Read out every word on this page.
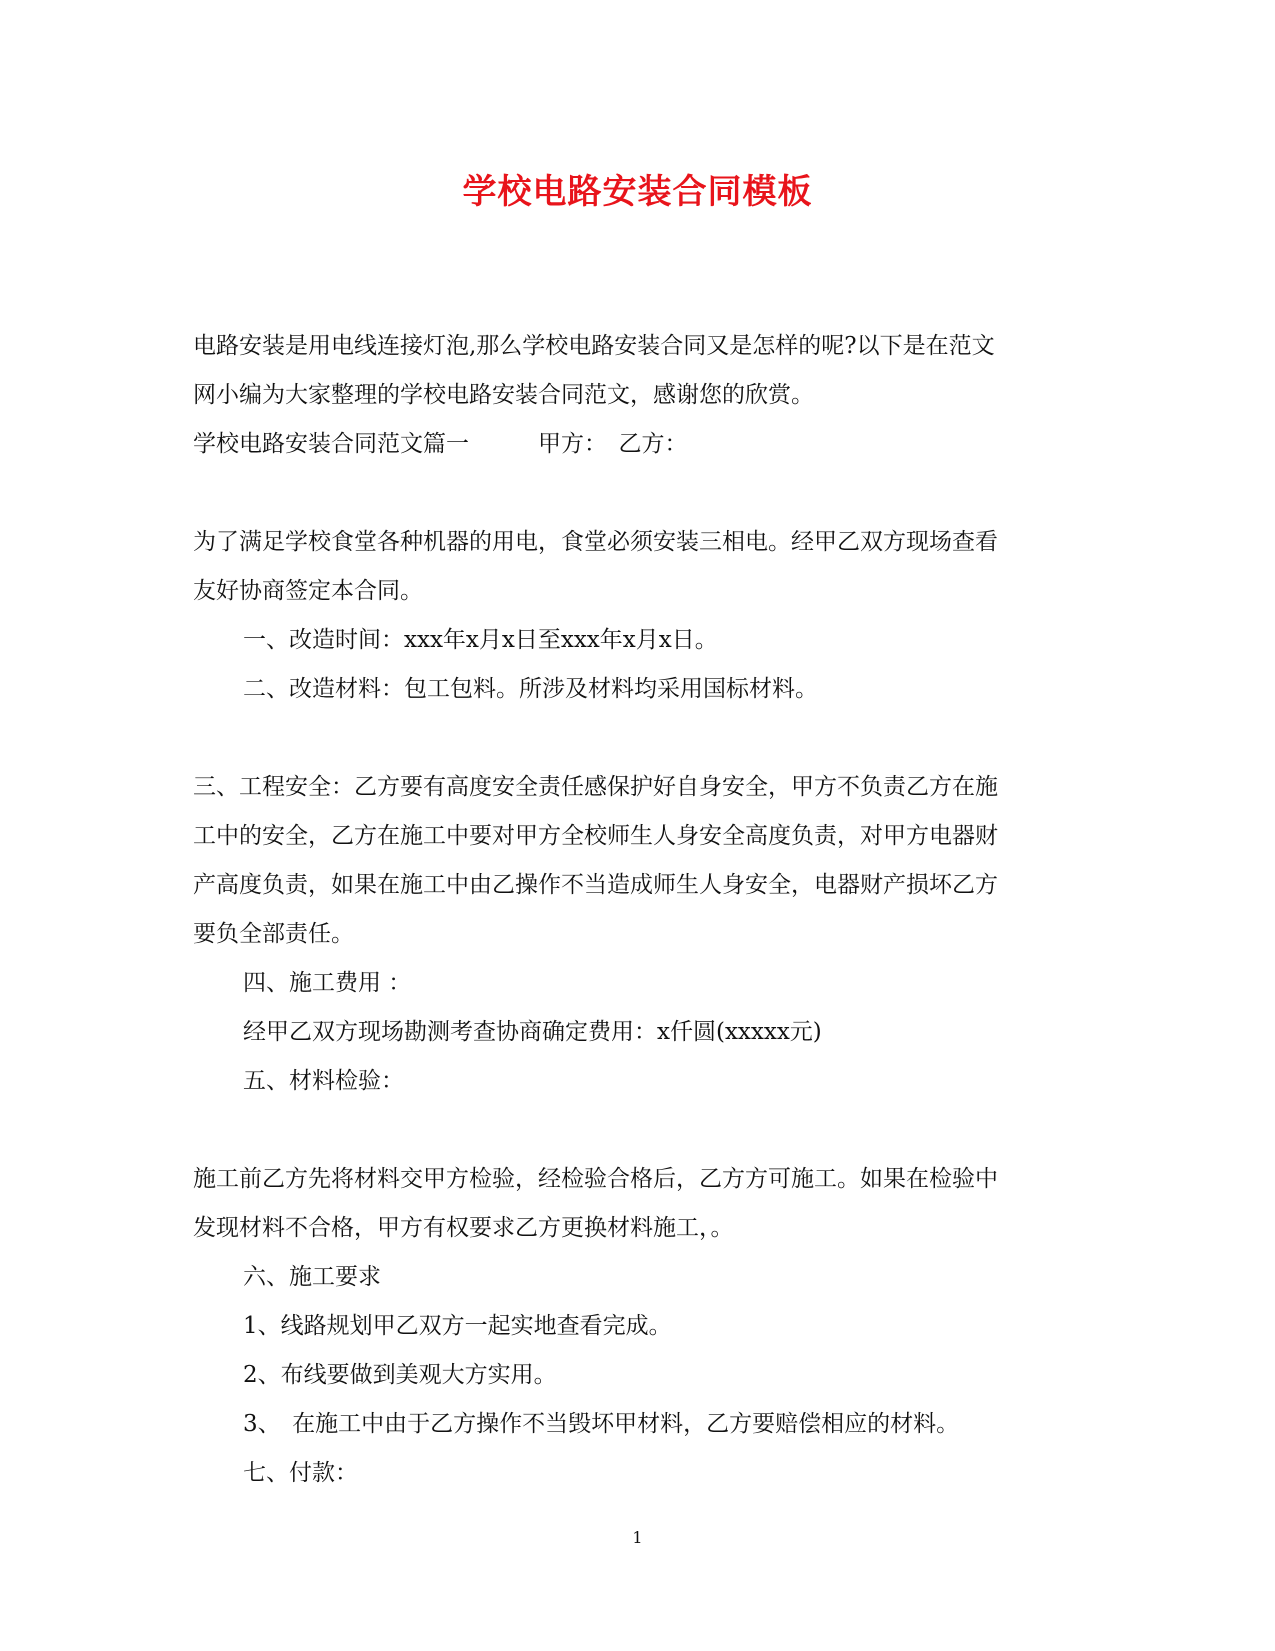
学校电路安装合同模板

电路安装是用电线连接灯泡,那么学校电路安装合同又是怎样的呢?以下是在范文

网小编为大家整理的学校电路安装合同范文，感谢您的欣赏。

学校电路安装合同范文篇一　　　甲方：　乙方：

为了满足学校食堂各种机器的用电，食堂必须安装三相电。经甲乙双方现场查看

友好协商签定本合同。

一、改造时间：xxx年x月x日至xxx年x月x日。

二、改造材料：包工包料。所涉及材料均采用国标材料。

三、工程安全：乙方要有高度安全责任感保护好自身安全，甲方不负责乙方在施

工中的安全，乙方在施工中要对甲方全校师生人身安全高度负责，对甲方电器财

产高度负责，如果在施工中由乙操作不当造成师生人身安全，电器财产损坏乙方

要负全部责任。

四、施工费用 ：

经甲乙双方现场勘测考查协商确定费用：x仟圆(xxxxx元)

五、材料检验：

施工前乙方先将材料交甲方检验，经检验合格后，乙方方可施工。如果在检验中

发现材料不合格，甲方有权要求乙方更换材料施工，。

六、施工要求

1、线路规划甲乙双方一起实地查看完成。

2、布线要做到美观大方实用。

3、　在施工中由于乙方操作不当毁坏甲材料，乙方要赔偿相应的材料。

七、付款：

1
